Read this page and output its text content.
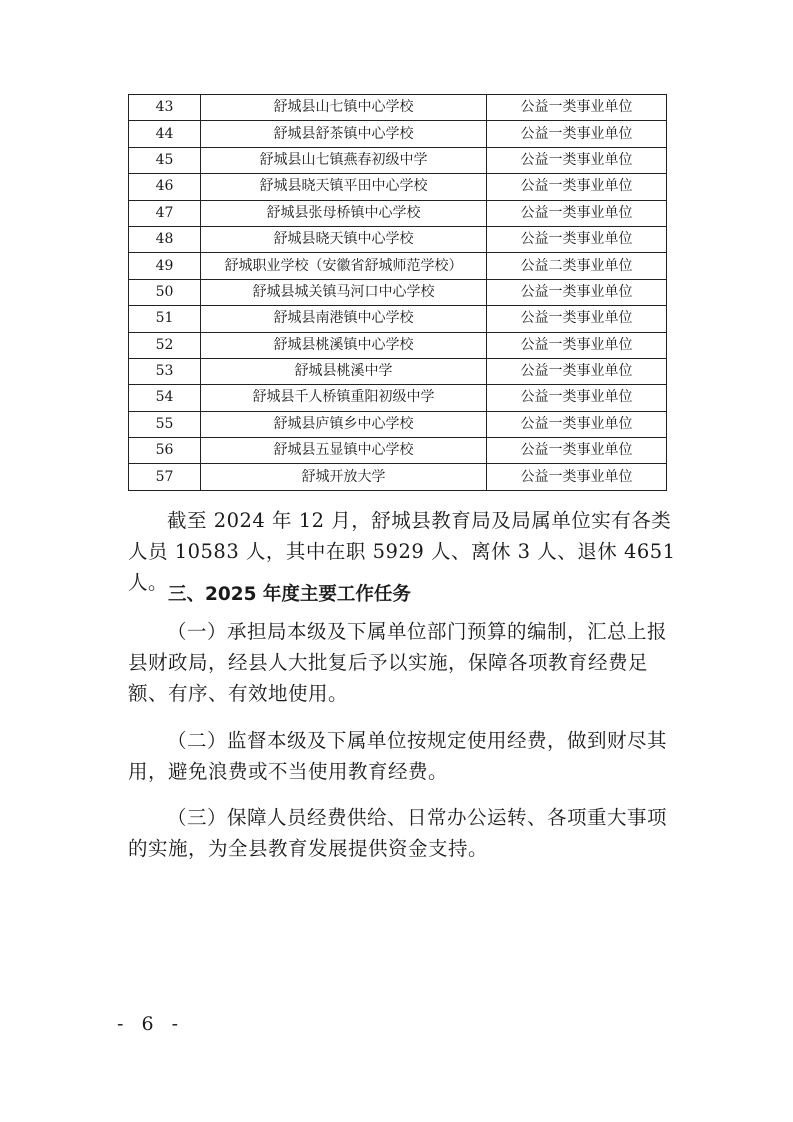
43	舒城县山七镇中心学校	公益一类事业单位
44	舒城县舒茶镇中心学校	公益一类事业单位
45	舒城县山七镇燕春初级中学	公益一类事业单位
46	舒城县晓天镇平田中心学校	公益一类事业单位
47	舒城县张母桥镇中心学校	公益一类事业单位
48	舒城县晓天镇中心学校	公益一类事业单位
49	舒城职业学校（安徽省舒城师范学校）	公益二类事业单位
50	舒城县城关镇马河口中心学校	公益一类事业单位
51	舒城县南港镇中心学校	公益一类事业单位
52	舒城县桃溪镇中心学校	公益一类事业单位
53	舒城县桃溪中学	公益一类事业单位
54	舒城县千人桥镇重阳初级中学	公益一类事业单位
55	舒城县庐镇乡中心学校	公益一类事业单位
56	舒城县五显镇中心学校	公益一类事业单位
57	舒城开放大学	公益一类事业单位

截至 2024 年 12 月，舒城县教育局及局属单位实有各类人员 10583 人，其中在职 5929 人、离休 3 人、退休 4651 人。

三、2025 年度主要工作任务

（一）承担局本级及下属单位部门预算的编制，汇总上报县财政局，经县人大批复后予以实施，保障各项教育经费足额、有序、有效地使用。

（二）监督本级及下属单位按规定使用经费，做到财尽其用，避免浪费或不当使用教育经费。

（三）保障人员经费供给、日常办公运转、各项重大事项的实施，为全县教育发展提供资金支持。

- 6 -
